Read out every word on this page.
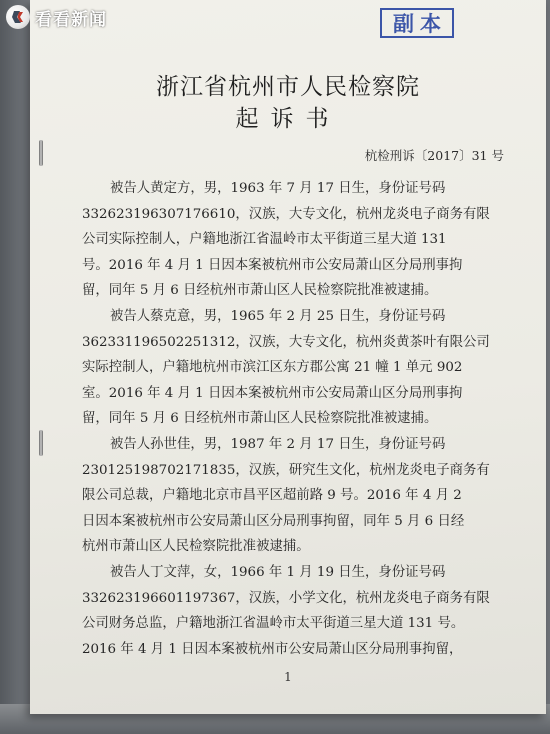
看看新闻	副本
浙江省杭州市人民检察院
起诉书
杭检刑诉〔2017〕31 号
被告人黄定方，男，1963 年 7 月 17 日生，身份证号码
332623196307176610，汉族，大专文化，杭州龙炎电子商务有限
公司实际控制人，户籍地浙江省温岭市太平街道三星大道 131
号。2016 年 4 月 1 日因本案被杭州市公安局萧山区分局刑事拘
留，同年 5 月 6 日经杭州市萧山区人民检察院批准被逮捕。
被告人蔡克意，男，1965 年 2 月 25 日生，身份证号码
362331196502251312，汉族，大专文化，杭州炎黄茶叶有限公司
实际控制人，户籍地杭州市滨江区东方郡公寓 21 幢 1 单元 902
室。2016 年 4 月 1 日因本案被杭州市公安局萧山区分局刑事拘
留，同年 5 月 6 日经杭州市萧山区人民检察院批准被逮捕。
被告人孙世佳，男，1987 年 2 月 17 日生，身份证号码
230125198702171835，汉族，研究生文化，杭州龙炎电子商务有
限公司总裁，户籍地北京市昌平区超前路 9 号。2016 年 4 月 2
日因本案被杭州市公安局萧山区分局刑事拘留，同年 5 月 6 日经
杭州市萧山区人民检察院批准被逮捕。
被告人丁文萍，女，1966 年 1 月 19 日生，身份证号码
332623196601197367，汉族，小学文化，杭州龙炎电子商务有限
公司财务总监，户籍地浙江省温岭市太平街道三星大道 131 号。
2016 年 4 月 1 日因本案被杭州市公安局萧山区分局刑事拘留，
1
